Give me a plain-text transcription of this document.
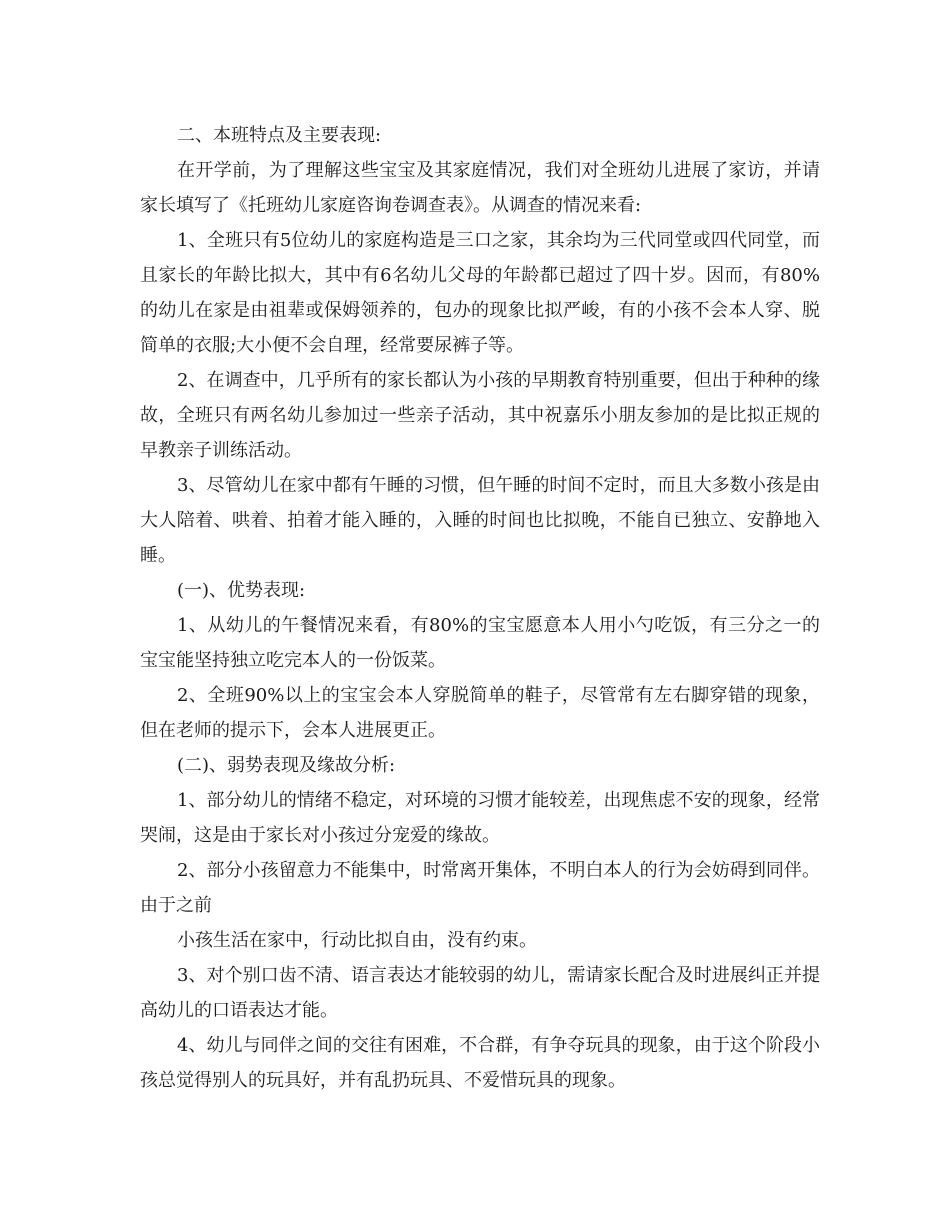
二、本班特点及主要表现:

在开学前，为了理解这些宝宝及其家庭情况，我们对全班幼儿进展了家访，并请家长填写了《托班幼儿家庭咨询卷调查表》。从调查的情况来看:

1、全班只有5位幼儿的家庭构造是三口之家，其余均为三代同堂或四代同堂，而且家长的年龄比拟大，其中有6名幼儿父母的年龄都已超过了四十岁。因而，有80%的幼儿在家是由祖辈或保姆领养的，包办的现象比拟严峻，有的小孩不会本人穿、脱简单的衣服;大小便不会自理，经常要尿裤子等。

2、在调查中，几乎所有的家长都认为小孩的早期教育特别重要，但出于种种的缘故，全班只有两名幼儿参加过一些亲子活动，其中祝嘉乐小朋友参加的是比拟正规的早教亲子训练活动。

3、尽管幼儿在家中都有午睡的习惯，但午睡的时间不定时，而且大多数小孩是由大人陪着、哄着、拍着才能入睡的，入睡的时间也比拟晚，不能自已独立、安静地入睡。

(一)、优势表现:

1、从幼儿的午餐情况来看，有80%的宝宝愿意本人用小勺吃饭，有三分之一的宝宝能坚持独立吃完本人的一份饭菜。

2、全班90%以上的宝宝会本人穿脱简单的鞋子，尽管常有左右脚穿错的现象，但在老师的提示下，会本人进展更正。

(二)、弱势表现及缘故分析:

1、部分幼儿的情绪不稳定，对环境的习惯才能较差，出现焦虑不安的现象，经常哭闹，这是由于家长对小孩过分宠爱的缘故。

2、部分小孩留意力不能集中，时常离开集体，不明白本人的行为会妨碍到同伴。由于之前

小孩生活在家中，行动比拟自由，没有约束。

3、对个别口齿不清、语言表达才能较弱的幼儿，需请家长配合及时进展纠正并提高幼儿的口语表达才能。

4、幼儿与同伴之间的交往有困难，不合群，有争夺玩具的现象，由于这个阶段小孩总觉得别人的玩具好，并有乱扔玩具、不爱惜玩具的现象。
